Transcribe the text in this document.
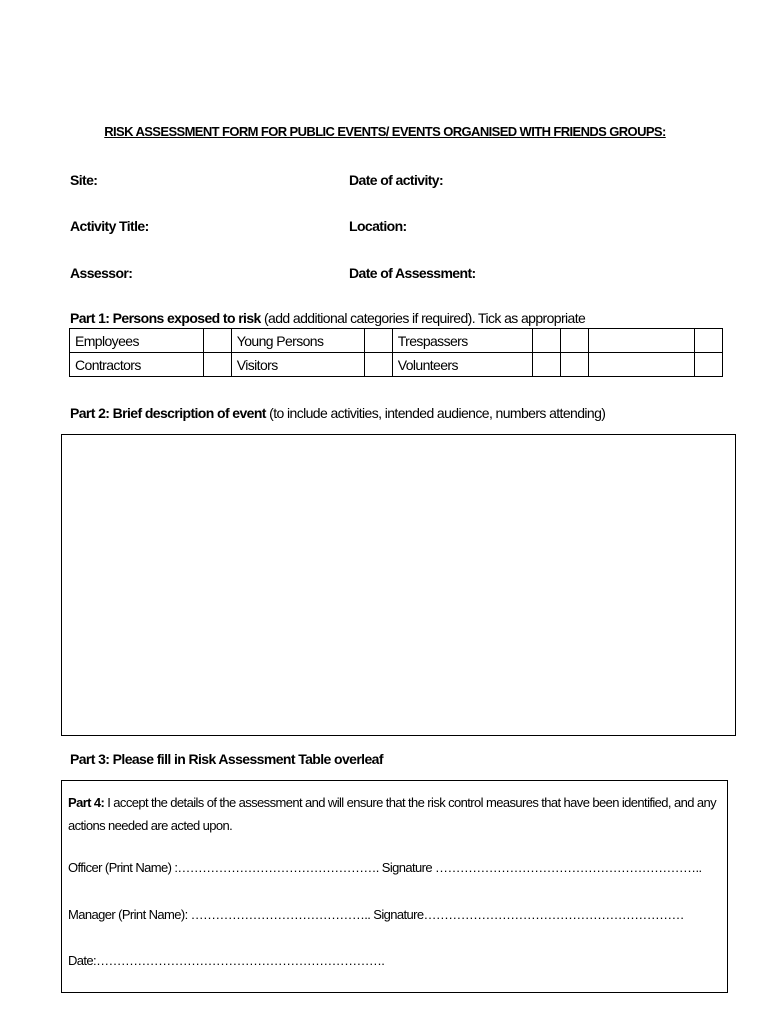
RISK ASSESSMENT FORM FOR PUBLIC EVENTS/ EVENTS ORGANISED WITH FRIENDS GROUPS:
Site:	Date of activity:
Activity Title:	Location:
Assessor:	Date of Assessment:
Part 1: Persons exposed to risk (add additional categories if required). Tick as appropriate
Employees		Young Persons		Trespassers				
Contractors		Visitors		Volunteers				
Part 2: Brief description of event (to include activities, intended audience, numbers attending)
Part 3: Please fill in Risk Assessment Table overleaf
Part 4: I accept the details of the assessment and will ensure that the risk control measures that have been identified, and any actions needed are acted upon.
Officer (Print Name) :…………………………………………. Signature ………………………………………………………..
Manager (Print Name): …………………………………….. Signature………………………………………………………
Date:…………………………………………………………….
